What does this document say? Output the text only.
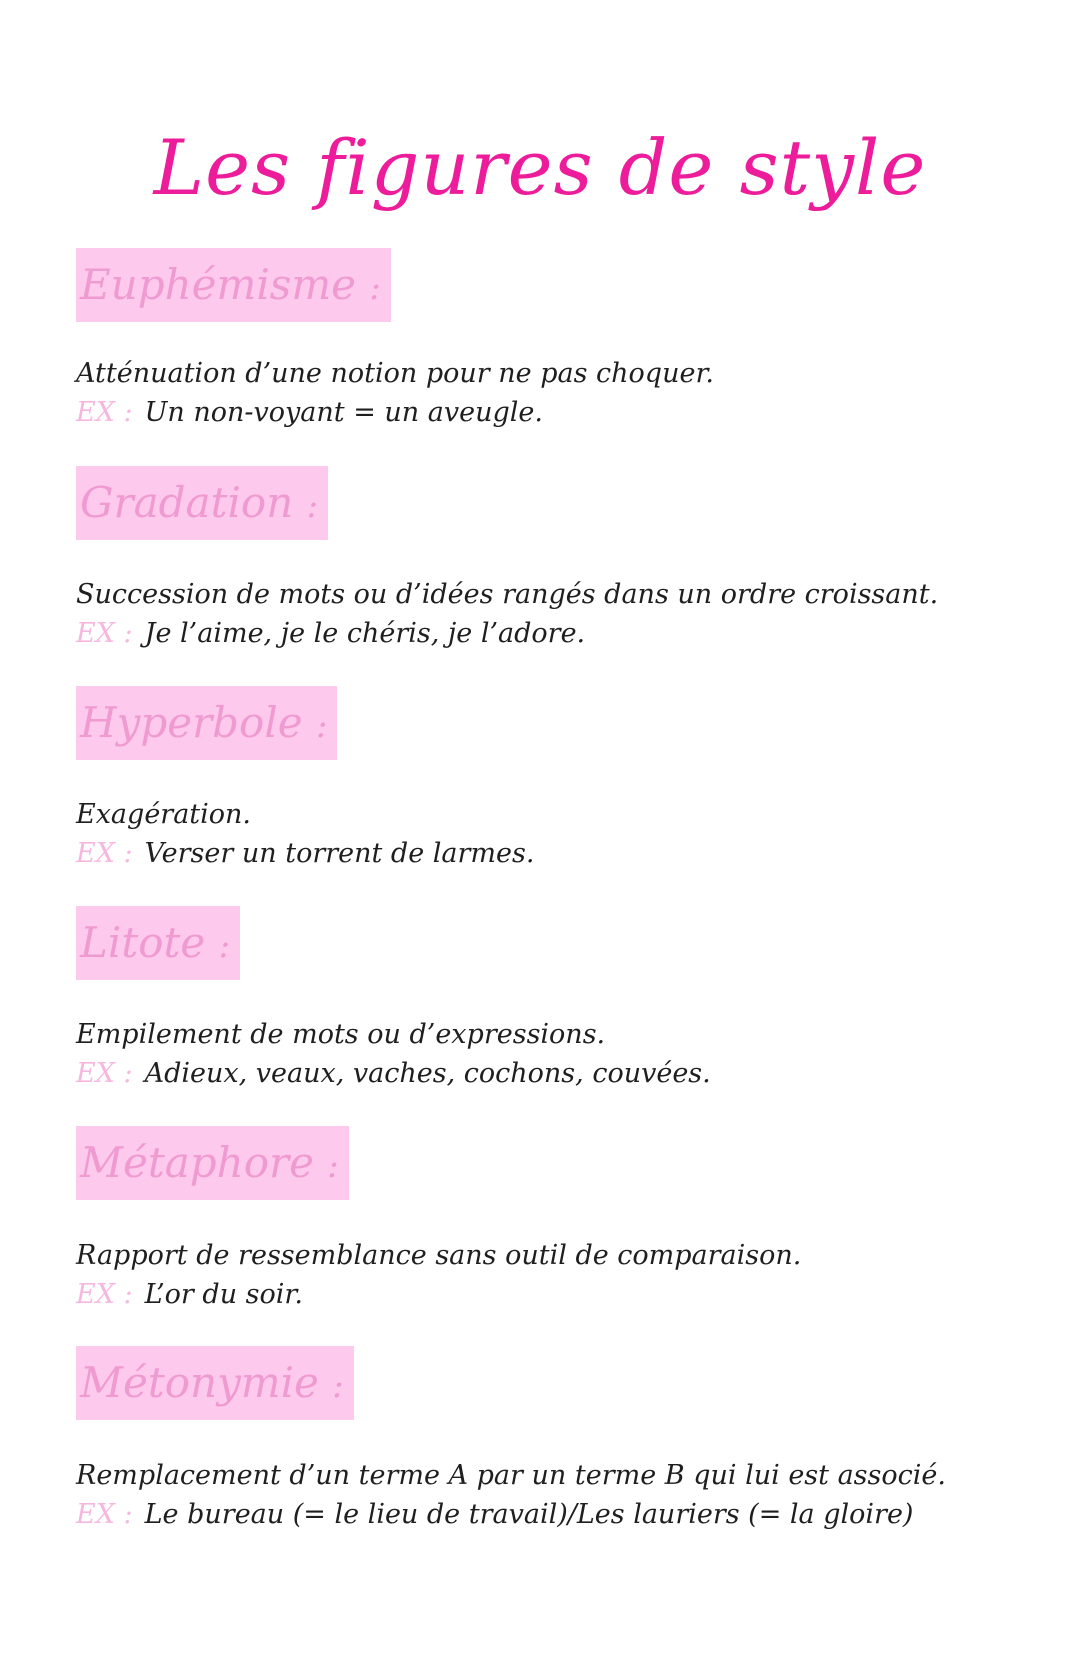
Les figures de style
Euphémisme :
Atténuation d’une notion pour ne pas choquer.
EX : Un non-voyant = un aveugle.
Gradation :
Succession de mots ou d’idées rangés dans un ordre croissant.
EX : Je l’aime, je le chéris, je l’adore.
Hyperbole :
Exagération.
EX : Verser un torrent de larmes.
Litote :
Empilement de mots ou d’expressions.
EX : Adieux, veaux, vaches, cochons, couvées.
Métaphore :
Rapport de ressemblance sans outil de comparaison.
EX : L’or du soir.
Métonymie :
Remplacement d’un terme A par un terme B qui lui est associé.
EX : Le bureau (= le lieu de travail)/Les lauriers (= la gloire)
